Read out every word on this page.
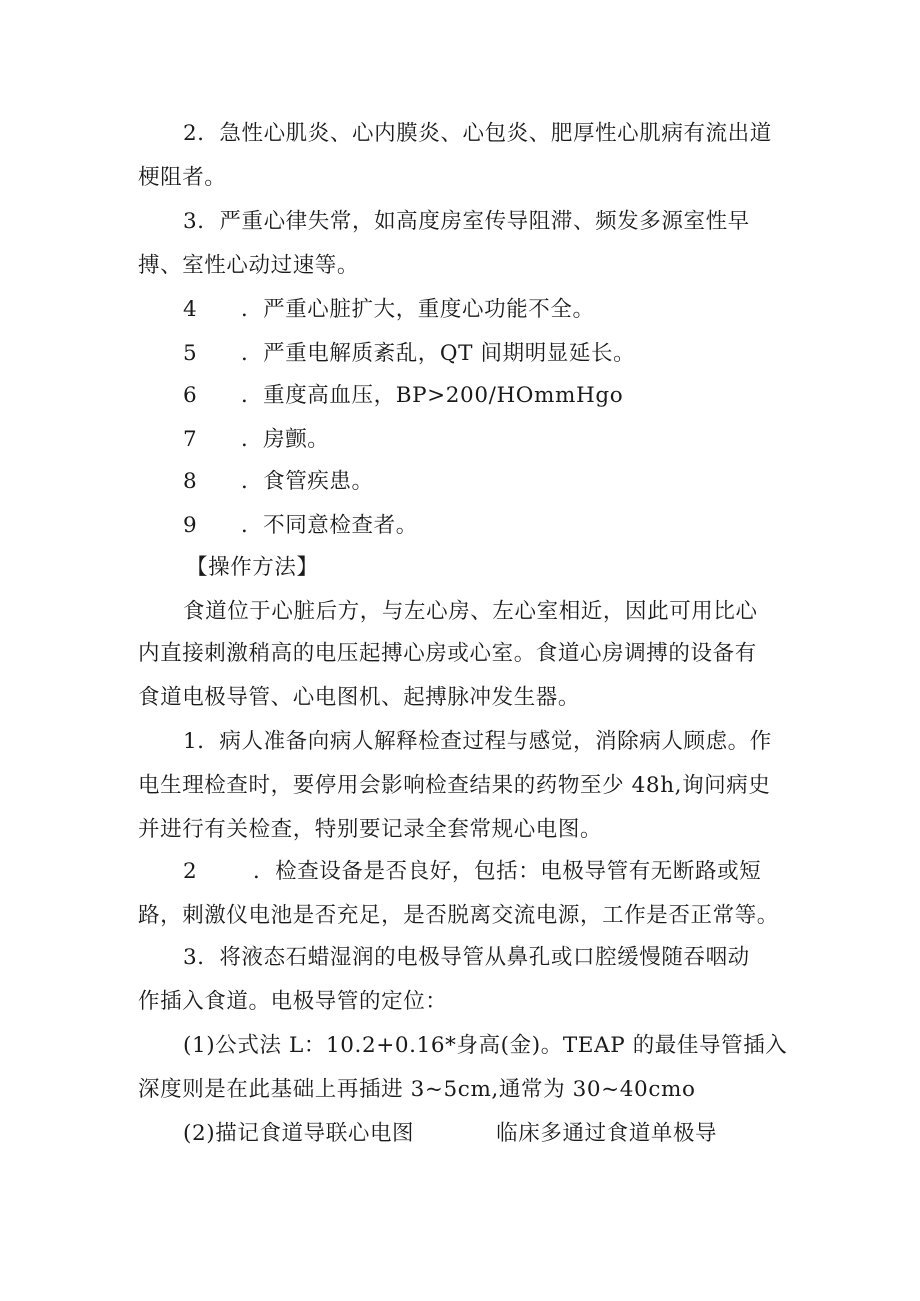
2．急性心肌炎、心内膜炎、心包炎、肥厚性心肌病有流出道
梗阻者。
3．严重心律失常，如高度房室传导阻滞、频发多源室性早
搏、室性心动过速等。
4 ．严重心脏扩大，重度心功能不全。
5 ．严重电解质紊乱，QT 间期明显延长。
6 ．重度高血压，BP>200/HOmmHgo
7 ．房颤。
8 ．食管疾患。
9 ．不同意检查者。
【操作方法】
食道位于心脏后方，与左心房、左心室相近，因此可用比心
内直接刺激稍高的电压起搏心房或心室。食道心房调搏的设备有
食道电极导管、心电图机、起搏脉冲发生器。
1．病人准备向病人解释检查过程与感觉，消除病人顾虑。作
电生理检查时，要停用会影响检查结果的药物至少 48h,询问病史
并进行有关检查，特别要记录全套常规心电图。
2	．检查设备是否良好，包括：电极导管有无断路或短
路，刺激仪电池是否充足，是否脱离交流电源，工作是否正常等。
3．将液态石蜡湿润的电极导管从鼻孔或口腔缓慢随吞咽动
作插入食道。电极导管的定位：
(1)公式法 L：10.2+0.16*身高(金)。TEAP 的最佳导管插入
深度则是在此基础上再插进 3~5cm,通常为 30~40cmo
(2)描记食道导联心电图	临床多通过食道单极导
